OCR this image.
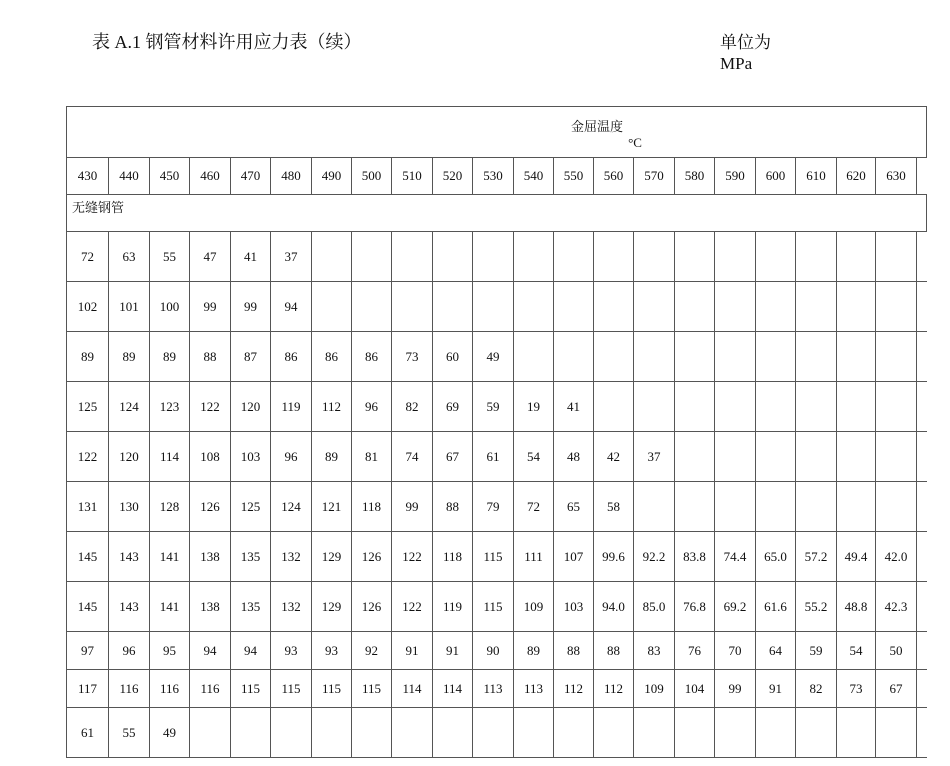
表 A.1 钢管材料许用应力表（续）	单位为
MPa
金屈温度
°C																					

430	440	450	460	470	480	490	500	510	520	530	540	550	560	570	580	590	600	610	620	630	
无缝钢管																					
72	63	55	47	41	37																
102	101	100	99	99	94																
89	89	89	88	87	86	86	86	73	60	49											
125	124	123	122	120	119	112	96	82	69	59	19	41									
122	120	114	108	103	96	89	81	74	67	61	54	48	42	37							
131	130	128	126	125	124	121	118	99	88	79	72	65	58								
145	143	141	138	135	132	129	126	122	118	115	111	107	99.6	92.2	83.8	74.4	65.0	57.2	49.4	42.0	
145	143	141	138	135	132	129	126	122	119	115	109	103	94.0	85.0	76.8	69.2	61.6	55.2	48.8	42.3	
97	96	95	94	94	93	93	92	91	91	90	89	88	88	83	76	70	64	59	54	50	
117	116	116	116	115	115	115	115	114	114	113	113	112	112	109	104	99	91	82	73	67	
61	55	49																			
